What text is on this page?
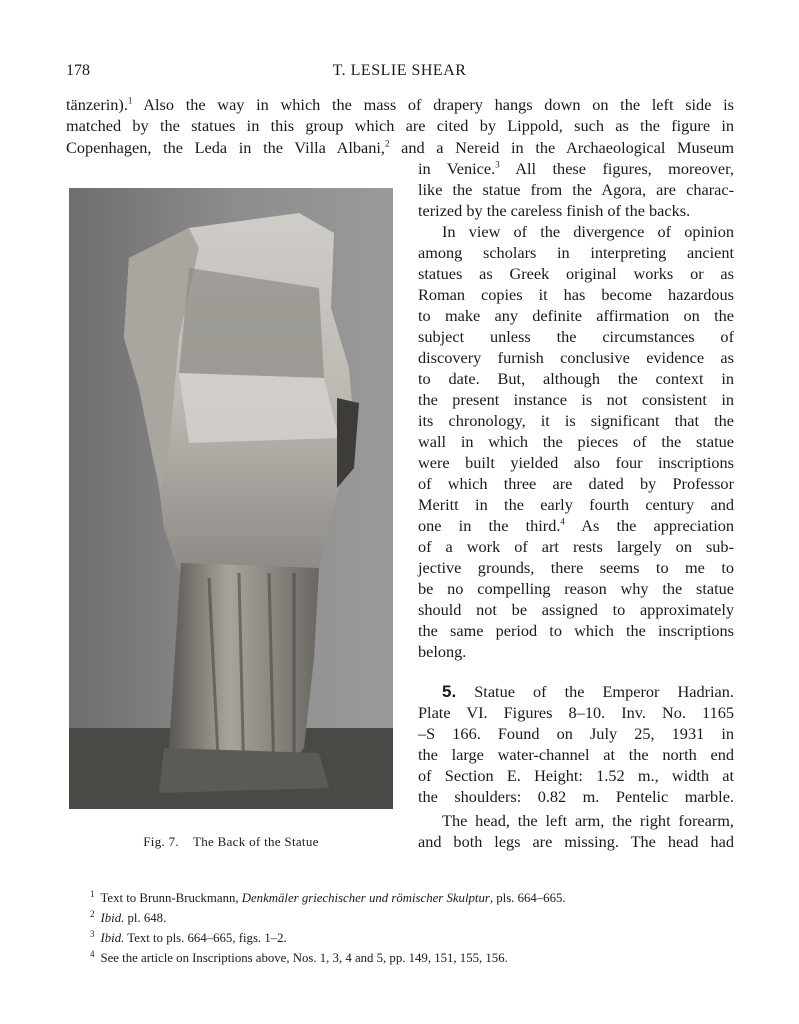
178	T. LESLIE SHEAR
tänzerin).$^1$ Also the way in which the mass of drapery hangs down on the left side is
matched by the statues in this group which are cited by Lippold, such as the figure in
Copenhagen, the Leda in the Villa Albani,$^2$ and a Nereid in the Archaeological Museum
Fig. 7. The Back of the Statue
in Venice.$^3$ All these figures, moreover,
like the statue from the Agora, are charac-
terized by the careless finish of the backs.
In view of the divergence of opinion
among scholars in interpreting ancient
statues as Greek original works or as
Roman copies it has become hazardous
to make any definite affirmation on the
subject unless the circumstances of
discovery furnish conclusive evidence as
to date. But, although the context in
the present instance is not consistent in
its chronology, it is significant that the
wall in which the pieces of the statue
were built yielded also four inscriptions
of which three are dated by Professor
Meritt in the early fourth century and
one in the third.$^4$ As the appreciation
of a work of art rests largely on sub-
jective grounds, there seems to me to
be no compelling reason why the statue
should not be assigned to approximately
the same period to which the inscriptions
belong.
5. Statue of the Emperor Hadrian.
Plate VI. Figures 8–10. Inv. No. 1165
–S 166. Found on July 25, 1931 in
the large water-channel at the north end
of Section E. Height: 1.52 m., width at
the shoulders: 0.82 m. Pentelic marble.
The head, the left arm, the right forearm,
and both legs are missing. The head had
$^1$ Text to Brunn-Bruckmann, Denkmäler griechischer und römischer Skulptur, pls. 664–665.
$^2$ Ibid. pl. 648.
$^3$ Ibid. Text to pls. 664–665, figs. 1–2.
$^4$ See the article on Inscriptions above, Nos. 1, 3, 4 and 5, pp. 149, 151, 155, 156.
